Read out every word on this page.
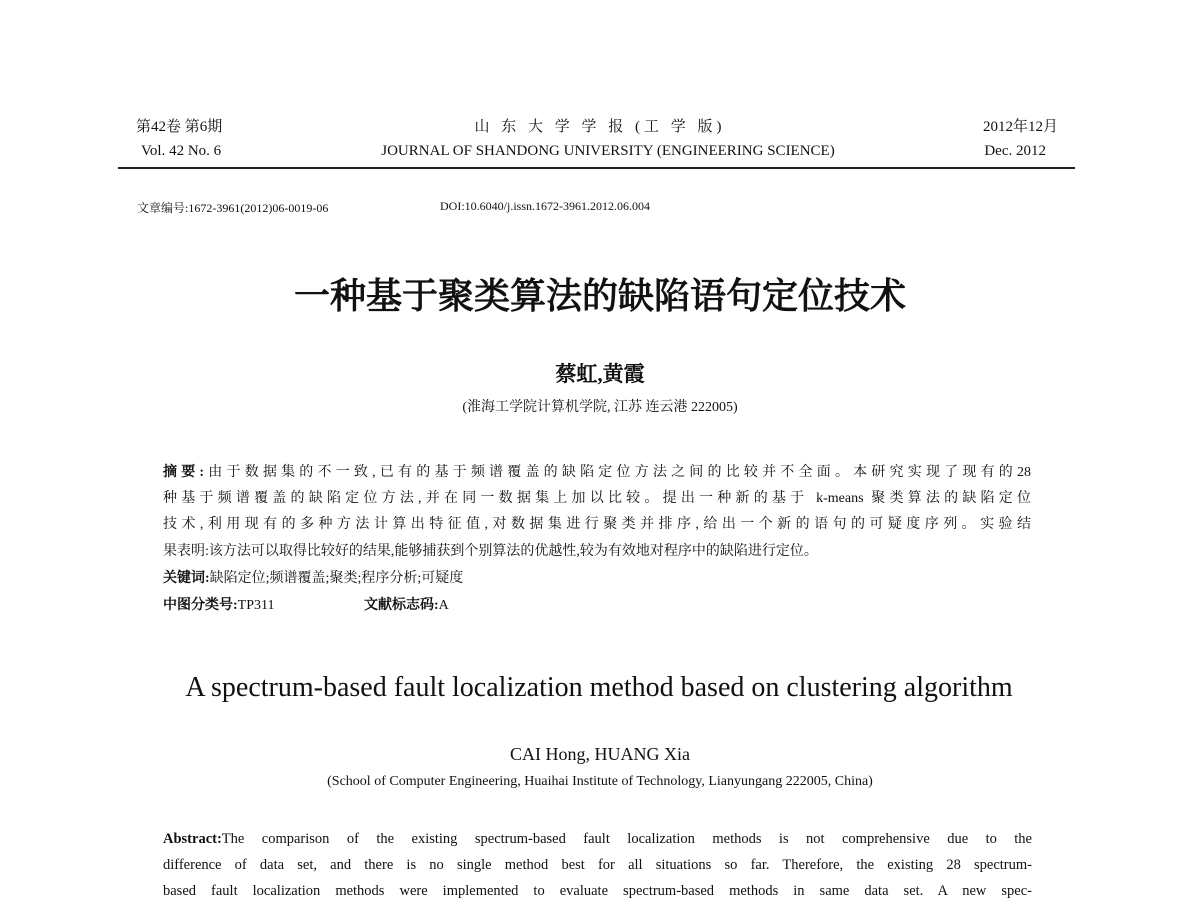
第42卷 第6期
Vol. 42 No. 6
山 东 大 学 学 报 (工 学 版)
JOURNAL OF SHANDONG UNIVERSITY (ENGINEERING SCIENCE)
2012年12月
Dec. 2012
文章编号:1672-3961(2012)06-0019-06	DOI:10.6040/j.issn.1672-3961.2012.06.004
一种基于聚类算法的缺陷语句定位技术
蔡虹,黄霞
(淮海工学院计算机学院, 江苏 连云港 222005)
摘要:由于数据集的不一致,已有的基于频谱覆盖的缺陷定位方法之间的比较并不全面。本研究实现了现有的28
种基于频谱覆盖的缺陷定位方法,并在同一数据集上加以比较。提出一种新的基于 k-means 聚类算法的缺陷定位
技术,利用现有的多种方法计算出特征值,对数据集进行聚类并排序,给出一个新的语句的可疑度序列。实验结
果表明:该方法可以取得比较好的结果,能够捕获到个别算法的优越性,较为有效地对程序中的缺陷进行定位。
关键词:缺陷定位;频谱覆盖;聚类;程序分析;可疑度
中图分类号:TP311	文献标志码:A
A spectrum-based fault localization method based on clustering algorithm
CAI Hong, HUANG Xia
(School of Computer Engineering, Huaihai Institute of Technology, Lianyungang 222005, China)
Abstract:The comparison of the existing spectrum-based fault localization methods is not comprehensive due to the
difference of data set, and there is no single method best for all situations so far. Therefore, the existing 28 spectrum-
based fault localization methods were implemented to evaluate spectrum-based methods in same data set. A new spec-
